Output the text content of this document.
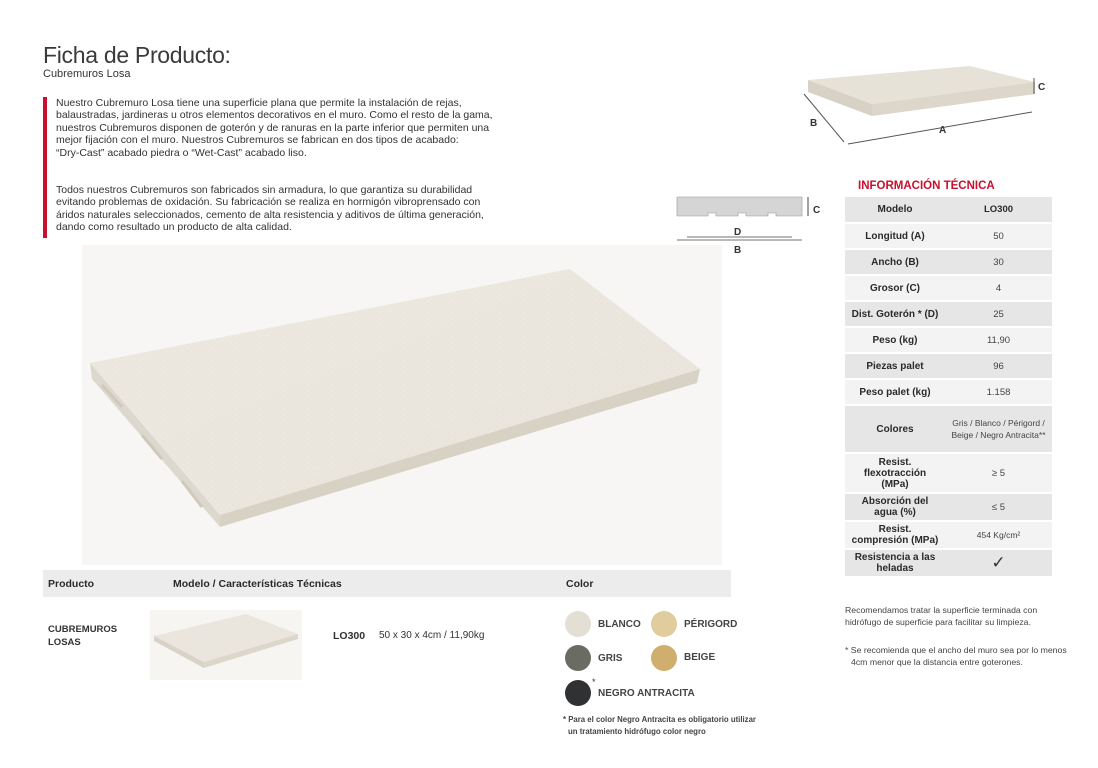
Ficha de Producto:
Cubremuros Losa

Nuestro Cubremuro Losa tiene una superficie plana que permite la instalación de rejas,

balaustradas, jardineras u otros elementos decorativos en el muro. Como el resto de la gama,

nuestros Cubremuros disponen de goterón y de ranuras en la parte inferior que permiten una

mejor fijación con el muro. Nuestros Cubremuros se fabrican en dos tipos de acabado:

“Dry-Cast” acabado piedra o “Wet-Cast” acabado liso.

Todos nuestros Cubremuros son fabricados sin armadura, lo que garantiza su durabilidad

evitando problemas de oxidación. Su fabricación se realiza en hormigón vibroprensado con

áridos naturales seleccionados, cemento de alta resistencia y aditivos de última generación,

dando como resultado un producto de alta calidad.

B
A
C
C
D
B
INFORMACIÓN TÉCNICA
Modelo	LO300
Longitud (A)	50
Ancho (B)	30
Grosor (C)	4
Dist. Goterón * (D)	25
Peso (kg)	11,90
Piezas palet	96
Peso palet (kg)	1.158
Colores	Gris / Blanco / Périgord / Beige / Negro Antracita**
Resist. flexotracción (MPa)	≥ 5
Absorción del agua (%)	≤ 5
Resist. compresión (MPa)	454 Kg/cm²
Resistencia a las heladas	✓
Recomendamos tratar la superficie terminada con
hidrófugo de superficie para facilitar su limpieza.
* Se recomienda que el ancho del muro sea por lo menos
4cm menor que la distancia entre goterones.
Producto	Modelo / Características Técnicas	Color
CUBREMUROS
LOSAS
LO300 50 x 30 x 4cm / 11,90kg
BLANCO	PÉRIGORD
GRIS	BEIGE
*
NEGRO ANTRACITA
* Para el color Negro Antracita es obligatorio utilizar
un tratamiento hidrófugo color negro
